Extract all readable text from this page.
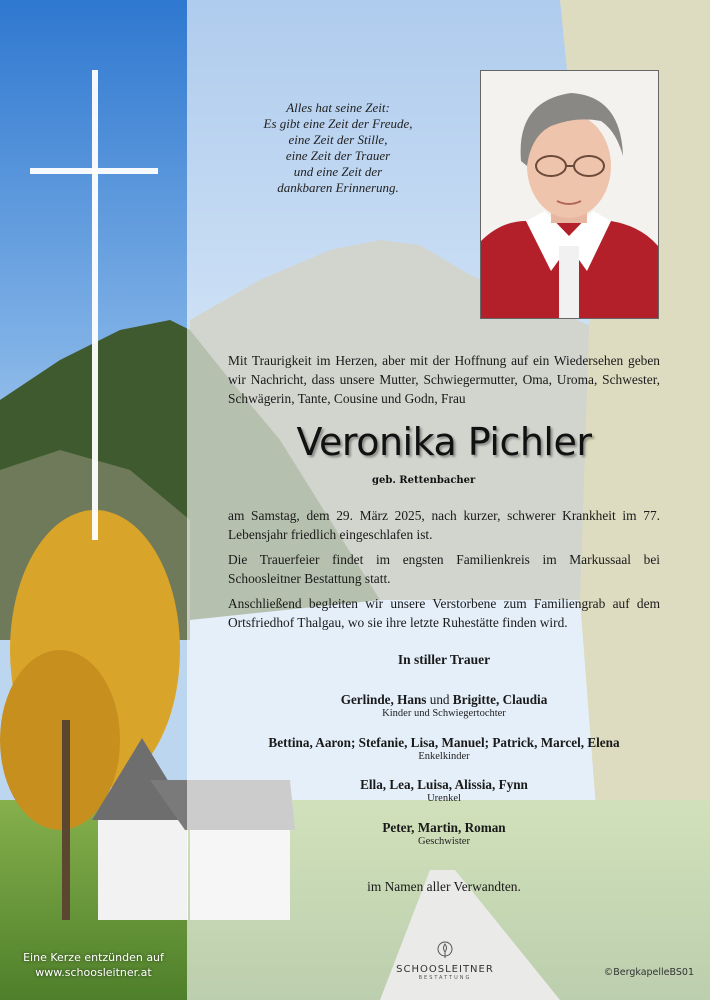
Alles hat seine Zeit:
Es gibt eine Zeit der Freude,
eine Zeit der Stille,
eine Zeit der Trauer
und eine Zeit der
dankbaren Erinnerung.
Mit Traurigkeit im Herzen, aber mit der Hoffnung auf ein Wiedersehen geben wir Nachricht, dass unsere Mutter, Schwiegermutter, Oma, Uroma, Schwester, Schwägerin, Tante, Cousine und Godn, Frau
Veronika Pichler
geb. Rettenbacher
am Samstag, dem 29. März 2025, nach kurzer, schwerer Krankheit im 77. Lebensjahr friedlich eingeschlafen ist.
Die Trauerfeier findet im engsten Familienkreis im Markussaal bei Schoosleitner Bestattung statt.
Anschließend begleiten wir unsere Verstorbene zum Familiengrab auf dem Ortsfriedhof Thalgau, wo sie ihre letzte Ruhestätte finden wird.
In stiller Trauer
Gerlinde, Hans und Brigitte, Claudia
Kinder und Schwiegertochter
Bettina, Aaron; Stefanie, Lisa, Manuel; Patrick, Marcel, Elena
Enkelkinder
Ella, Lea, Luisa, Alissia, Fynn
Urenkel
Peter, Martin, Roman
Geschwister
im Namen aller Verwandten.
Eine Kerze entzünden auf
www.schoosleitner.at	SCHOOSLEITNER
BESTATTUNG	©BergkapelleBS01
